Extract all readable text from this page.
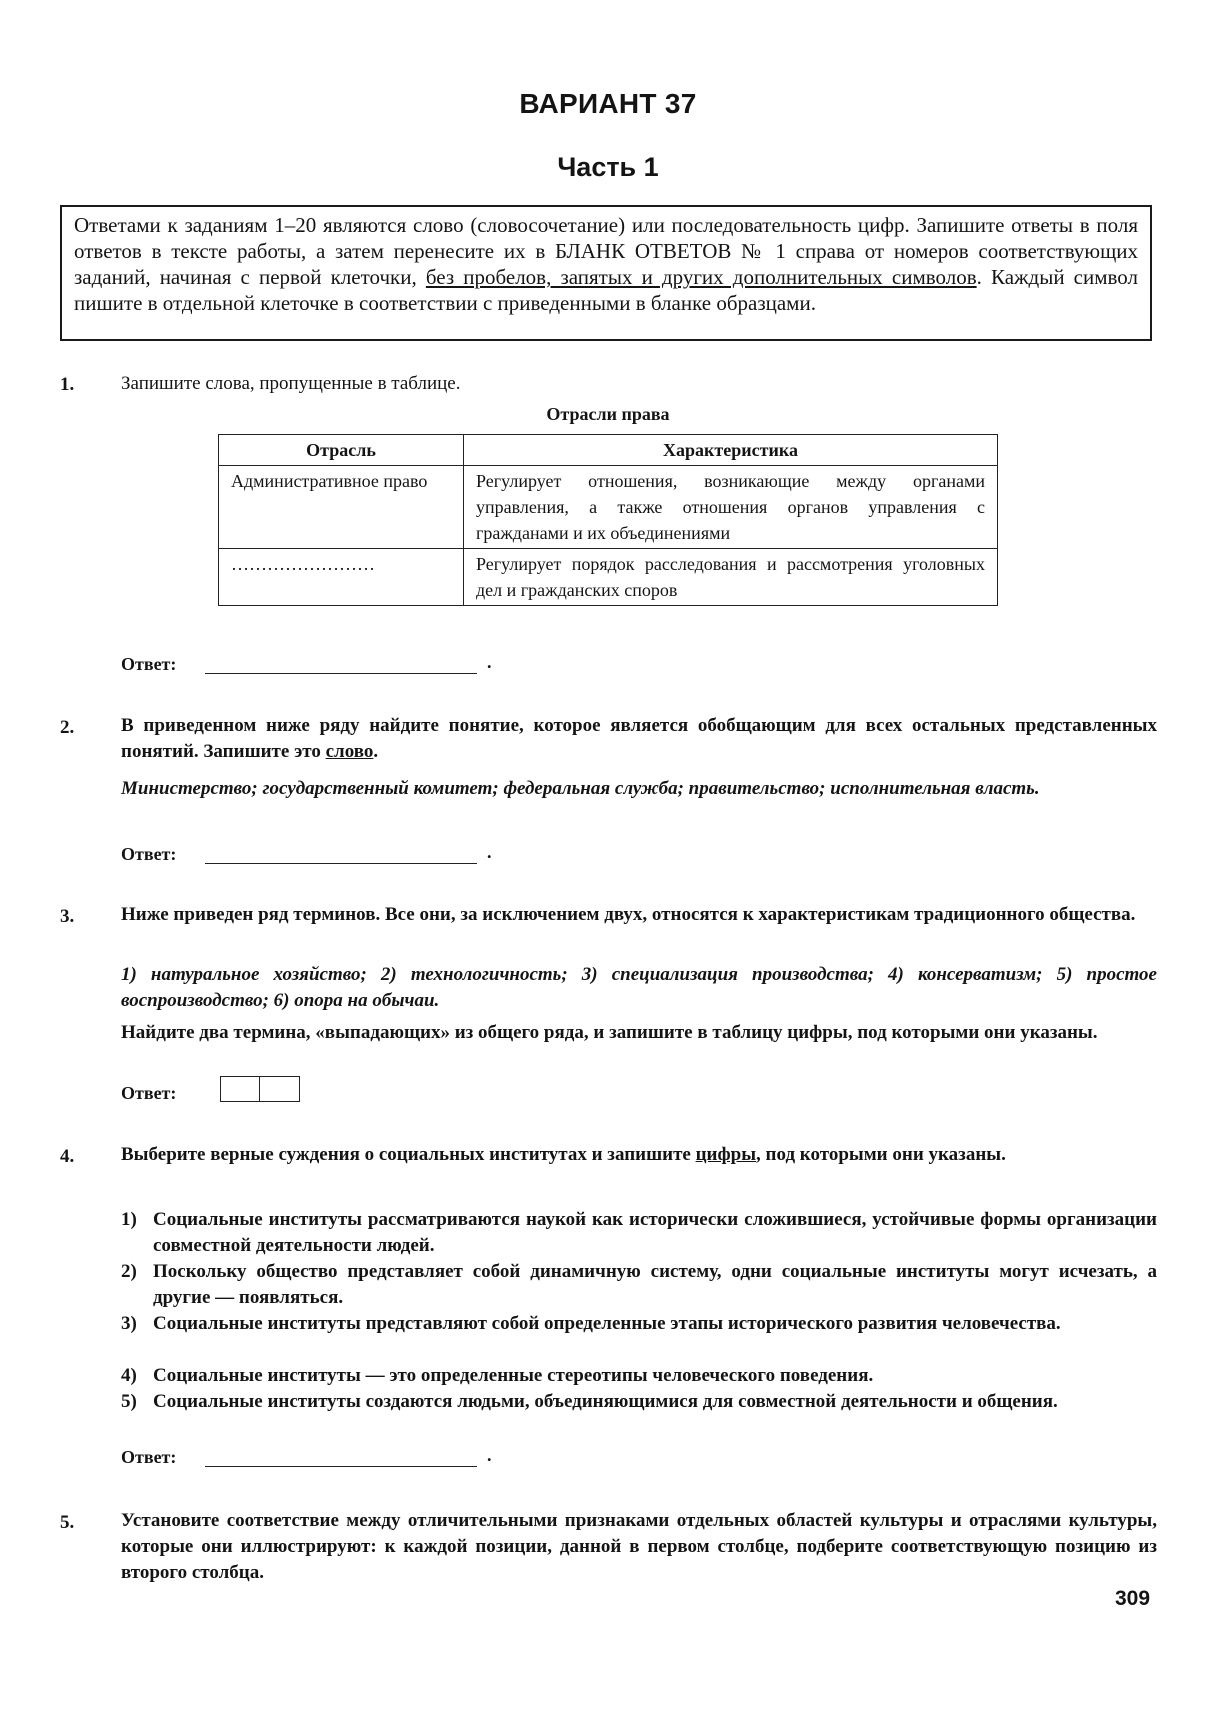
ВАРИАНТ 37
Часть 1
Ответами к заданиям 1–20 являются слово (словосочетание) или последовательность цифр. Запишите ответы в поля ответов в тексте работы, а затем перенесите их в БЛАНК ОТВЕТОВ № 1 справа от номеров соответствующих заданий, начиная с первой клеточки, без пробелов, запятых и других дополнительных символов. Каждый символ пишите в отдельной клеточке в соответствии с приведенными в бланке образцами.
1. Запишите слова, пропущенные в таблице.
Отрасли права
Отрасль	Характеристика
Административное право	Регулирует отношения, возникающие между органами управления, а также отношения органов управления с гражданами и их объединениями
……………………	Регулирует порядок расследования и рассмотрения уголовных дел и гражданских споров
Ответ:	.
2. В приведенном ниже ряду найдите понятие, которое является обобщающим для всех остальных представленных понятий. Запишите это слово.
Министерство; государственный комитет; федеральная служба; правительство; исполнительная власть.
Ответ:	.
3. Ниже приведен ряд терминов. Все они, за исключением двух, относятся к характеристикам традиционного общества.
1) натуральное хозяйство; 2) технологичность; 3) специализация производства; 4) консерватизм; 5) простое воспроизводство; 6) опора на обычаи.
Найдите два термина, «выпадающих» из общего ряда, и запишите в таблицу цифры, под которыми они указаны.
Ответ:
4. Выберите верные суждения о социальных институтах и запишите цифры, под которыми они указаны.
1) Социальные институты рассматриваются наукой как исторически сложившиеся, устойчивые формы организации совместной деятельности людей.
2) Поскольку общество представляет собой динамичную систему, одни социальные институты могут исчезать, а другие — появляться.
3) Социальные институты представляют собой определенные этапы исторического развития человечества.
4) Социальные институты — это определенные стереотипы человеческого поведения.
5) Социальные институты создаются людьми, объединяющимися для совместной деятельности и общения.
Ответ:	.
5. Установите соответствие между отличительными признаками отдельных областей культуры и отраслями культуры, которые они иллюстрируют: к каждой позиции, данной в первом столбце, подберите соответствующую позицию из второго столбца.
309
